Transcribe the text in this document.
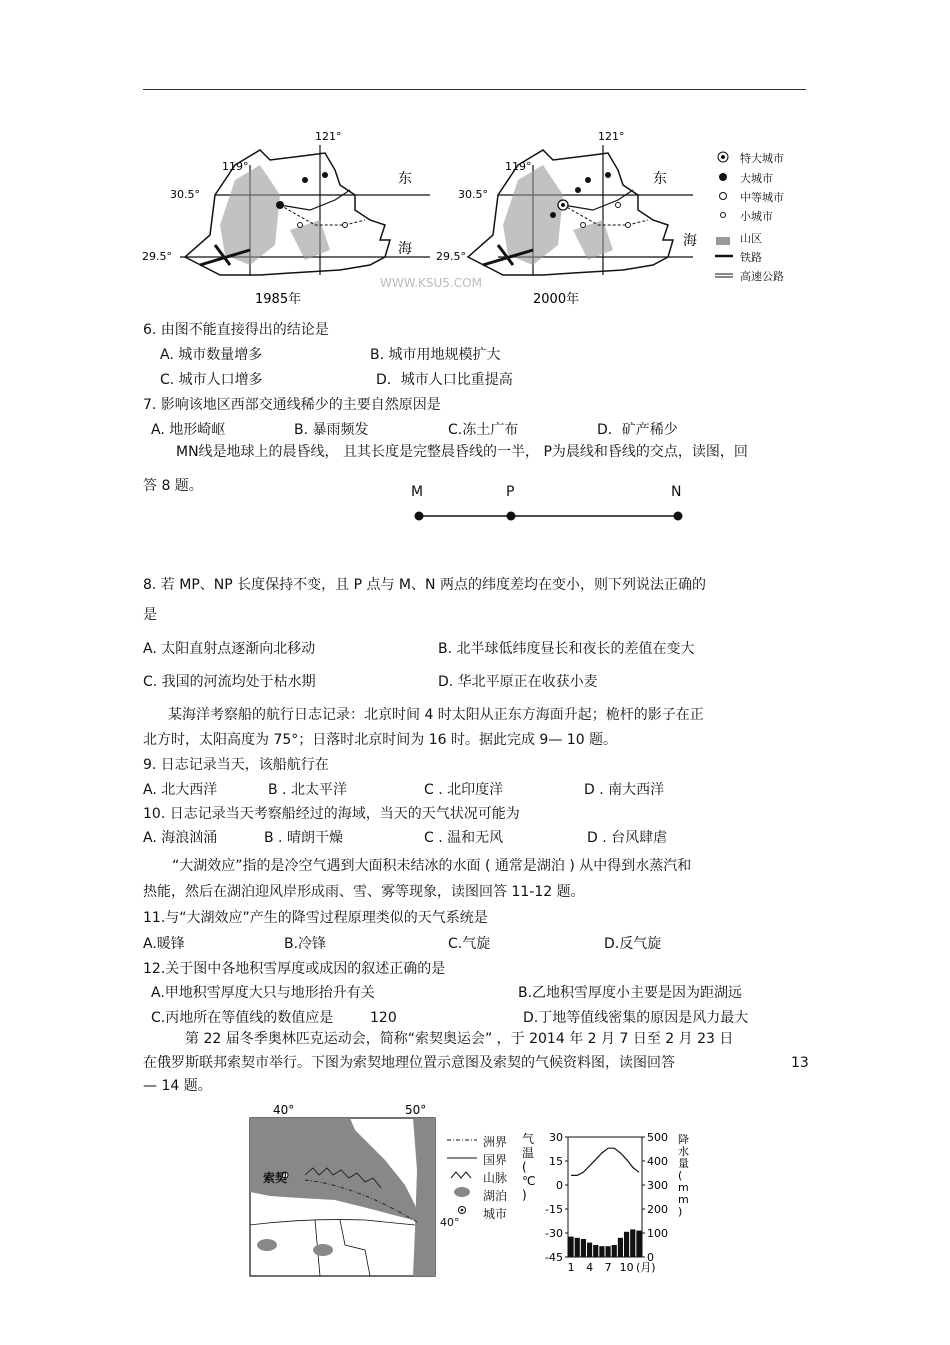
121°
119°
30.5°
29.5°
东
海
1985年
121°
119°
30.5°
29.5°
东
海
2000年
WWW.KSU5.COM
特大城市
大城市
中等城市
小城市
山区
铁路
高速公路
6. 由图不能直接得出的结论是
A. 城市数量增多	B. 城市用地规模扩大
C. 城市人口增多	D．城市人口比重提高
7. 影响该地区西部交通线稀少的主要自然原因是
A. 地形崎岖	B. 暴雨频发	C.冻土广布	D．矿产稀少
MN线是地球上的晨昏线， 且其长度是完整晨昏线的一半， P为晨线和昏线的交点，读图，回
答 8 题。	M	P	N
8. 若 MP、NP 长度保持不变，且 P 点与 M、N 两点的纬度差均在变小，则下列说法正确的
是
A. 太阳直射点逐渐向北移动	B. 北半球低纬度昼长和夜长的差值在变大
C. 我国的河流均处于枯水期	D. 华北平原正在收获小麦
某海洋考察船的航行日志记录：北京时间 4 时太阳从正东方海面升起；桅杆的影子在正
北方时，太阳高度为 75°；日落时北京时间为 16 时。据此完成 9— 10 题。
9. 日志记录当天，该船航行在
A. 北大西洋	B . 北太平洋	C . 北印度洋	D . 南大西洋
10. 日志记录当天考察船经过的海域，当天的天气状况可能为
A. 海浪汹涌	B . 晴朗干燥	C . 温和无风	D . 台风肆虐
“大湖效应”指的是冷空气遇到大面积未结冰的水面 ( 通常是湖泊 ) 从中得到水蒸汽和
热能，然后在湖泊迎风岸形成雨、雪、雾等现象，读图回答 11-12 题。
11.与“大湖效应”产生的降雪过程原理类似的天气系统是
A.暖锋	B.冷锋	C.气旋	D.反气旋
12.关于图中各地积雪厚度或成因的叙述正确的是
A.甲地积雪厚度大只与地形抬升有关	B.乙地积雪厚度小主要是因为距湖远
C.丙地所在等值线的数值应是	120	D.丁地等值线密集的原因是风力最大
第 22 届冬季奥林匹克运动会，简称“索契奥运会” ，于 2014 年 2 月 7 日至 2 月 23 日
在俄罗斯联邦索契市举行。下图为索契地理位置示意图及索契的气候资料图，读图回答	13
— 14 题。
40°	50°
索契
40°
洲界
国界
山脉
湖泊
城市
30
15
0
-15
-30
-45
500
400
300
200
100
0
气
温
(
℃
)
降
水
量
(
m
m
)
1 4 7 10 (月)
